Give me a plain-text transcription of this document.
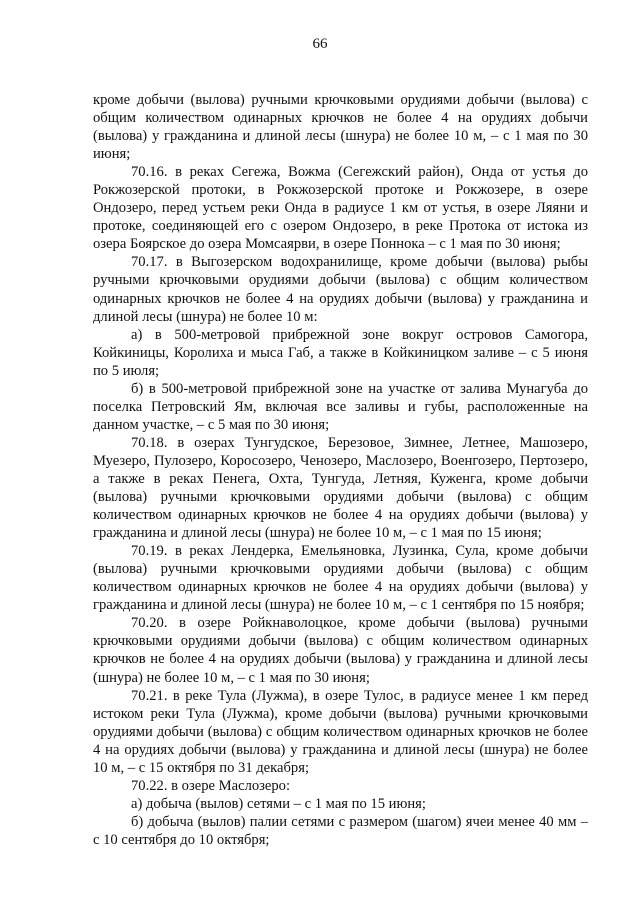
66

кроме добычи (вылова) ручными крючковыми орудиями добычи (вылова) с общим количеством одинарных крючков не более 4 на орудиях добычи (вылова) у гражданина и длиной лесы (шнура) не более 10 м, – с 1 мая по 30 июня;

70.16. в реках Сегежа, Вожма (Сегежский район), Онда от устья до Рокжозерской протоки, в Рокжозерской протоке и Рокжозере, в озере Ондозеро, перед устьем реки Онда в радиусе 1 км от устья, в озере Ляяни и протоке, соединяющей его с озером Ондозеро, в реке Протока от истока из озера Боярское до озера Момсаярви, в озере Поннока – с 1 мая по 30 июня;

70.17. в Выгозерском водохранилище, кроме добычи (вылова) рыбы ручными крючковыми орудиями добычи (вылова) с общим количеством одинарных крючков не более 4 на орудиях добычи (вылова) у гражданина и длиной лесы (шнура) не более 10 м:

а) в 500-метровой прибрежной зоне вокруг островов Самогора, Койкиницы, Королиха и мыса Габ, а также в Койкиницком заливе – с 5 июня по 5 июля;

б) в 500-метровой прибрежной зоне на участке от залива Мунагуба до поселка Петровский Ям, включая все заливы и губы, расположенные на данном участке, – с 5 мая по 30 июня;

70.18. в озерах Тунгудское, Березовое, Зимнее, Летнее, Машозеро, Муезеро, Пулозеро, Коросозеро, Ченозеро, Маслозеро, Военгозеро, Пертозеро, а также в реках Пенега, Охта, Тунгуда, Летняя, Куженга, кроме добычи (вылова) ручными крючковыми орудиями добычи (вылова) с общим количеством одинарных крючков не более 4 на орудиях добычи (вылова) у гражданина и длиной лесы (шнура) не более 10 м, – с 1 мая по 15 июня;

70.19. в реках Лендерка, Емельяновка, Лузинка, Сула, кроме добычи (вылова) ручными крючковыми орудиями добычи (вылова) с общим количеством одинарных крючков не более 4 на орудиях добычи (вылова) у гражданина и длиной лесы (шнура) не более 10 м, – с 1 сентября по 15 ноября;

70.20. в озере Ройкнаволоцкое, кроме добычи (вылова) ручными крючковыми орудиями добычи (вылова) с общим количеством одинарных крючков не более 4 на орудиях добычи (вылова) у гражданина и длиной лесы (шнура) не более 10 м, – с 1 мая по 30 июня;

70.21. в реке Тула (Лужма), в озере Тулос, в радиусе менее 1 км перед истоком реки Тула (Лужма), кроме добычи (вылова) ручными крючковыми орудиями добычи (вылова) с общим количеством одинарных крючков не более 4 на орудиях добычи (вылова) у гражданина и длиной лесы (шнура) не более 10 м, – с 15 октября по 31 декабря;

70.22. в озере Маслозеро:

а) добыча (вылов) сетями – с 1 мая по 15 июня;

б) добыча (вылов) палии сетями с размером (шагом) ячеи менее 40 мм – с 10 сентября до 10 октября;
